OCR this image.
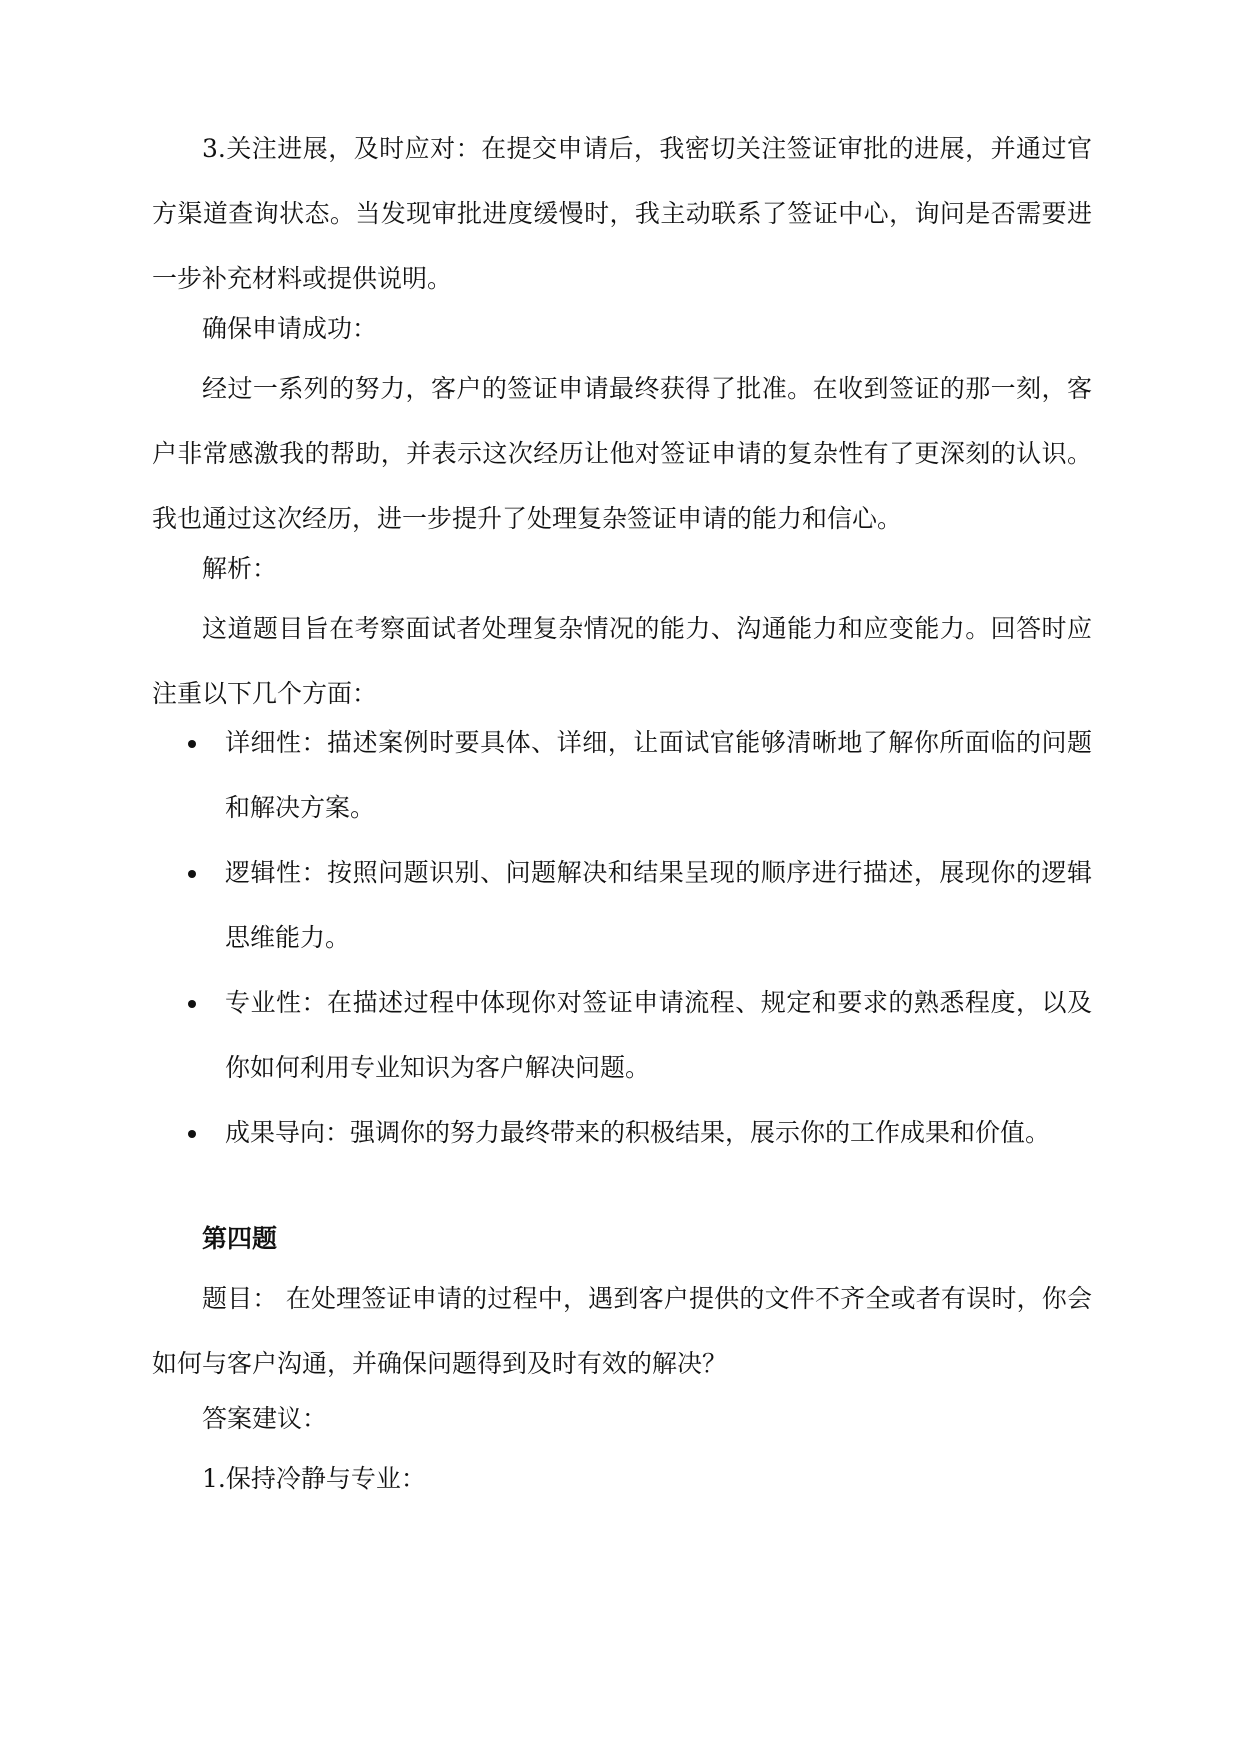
3.关注进展，及时应对：在提交申请后，我密切关注签证审批的进展，并通过官方渠道查询状态。当发现审批进度缓慢时，我主动联系了签证中心，询问是否需要进一步补充材料或提供说明。

确保申请成功：

经过一系列的努力，客户的签证申请最终获得了批准。在收到签证的那一刻，客户非常感激我的帮助，并表示这次经历让他对签证申请的复杂性有了更深刻的认识。我也通过这次经历，进一步提升了处理复杂签证申请的能力和信心。

解析：

这道题目旨在考察面试者处理复杂情况的能力、沟通能力和应变能力。回答时应注重以下几个方面：

详细性：描述案例时要具体、详细，让面试官能够清晰地了解你所面临的问题和解决方案。
逻辑性：按照问题识别、问题解决和结果呈现的顺序进行描述，展现你的逻辑思维能力。
专业性：在描述过程中体现你对签证申请流程、规定和要求的熟悉程度，以及你如何利用专业知识为客户解决问题。
成果导向：强调你的努力最终带来的积极结果，展示你的工作成果和价值。
第四题

题目： 在处理签证申请的过程中，遇到客户提供的文件不齐全或者有误时，你会如何与客户沟通，并确保问题得到及时有效的解决？

答案建议：

1.保持冷静与专业：
